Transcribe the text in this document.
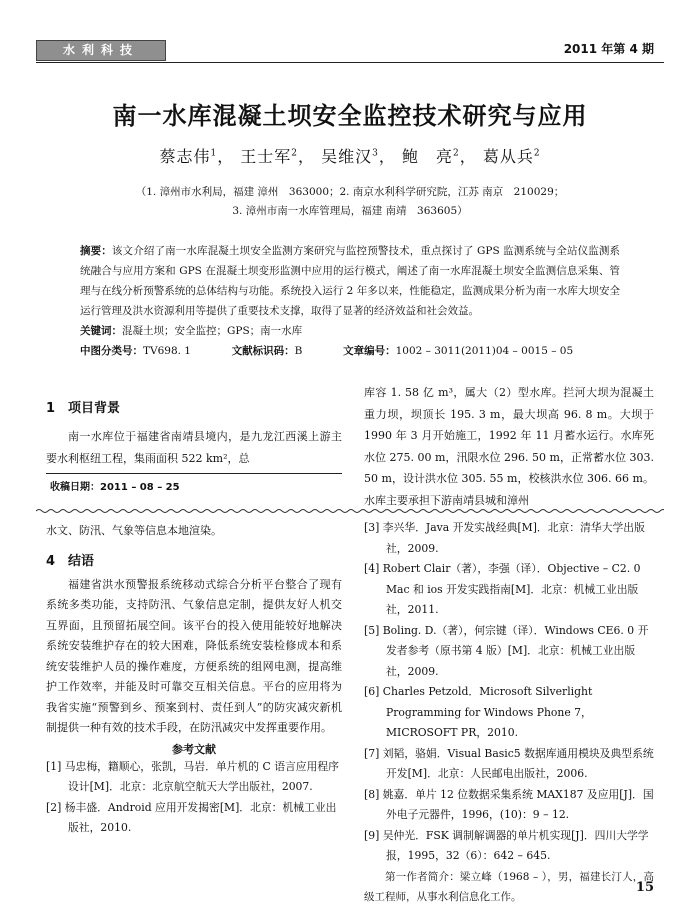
水利科技	2011 年第 4 期
南一水库混凝土坝安全监控技术研究与应用
蔡志伟$^1$， 王士军$^2$， 吴维汉$^3$， 鲍　亮$^2$， 葛从兵$^2$
（1. 漳州市水利局，福建 漳州　363000；2. 南京水利科学研究院，江苏 南京　210029；
3. 漳州市南一水库管理局，福建 南靖　363605）
摘要：该文介绍了南一水库混凝土坝安全监测方案研究与监控预警技术，重点探讨了 GPS 监测系统与全站仪监测系统融合与应用方案和 GPS 在混凝土坝变形监测中应用的运行模式，阐述了南一水库混凝土坝安全监测信息采集、管理与在线分析预警系统的总体结构与功能。系统投入运行 2 年多以来，性能稳定，监测成果分析为南一水库大坝安全运行管理及洪水资源利用等提供了重要技术支撑，取得了显著的经济效益和社会效益。
关键词：混凝土坝；安全监控；GPS；南一水库
中图分类号：TV698. 1	文献标识码：B	文章编号：1002 – 3011(2011)04 – 0015 – 05
1　项目背景
南一水库位于福建省南靖县境内，是九龙江西溪上游主要水利枢纽工程，集雨面积 522 km²，总
收稿日期：2011 – 08 – 25
库容 1. 58 亿 m³，属大（2）型水库。拦河大坝为混凝土重力坝，坝顶长 195. 3 m，最大坝高 96. 8 m。大坝于 1990 年 3 月开始施工，1992 年 11 月蓄水运行。水库死水位 275. 00 m，汛限水位 296. 50 m，正常蓄水位 303. 50 m，设计洪水位 305. 55 m，校核洪水位 306. 66 m。水库主要承担下游南靖县城和漳州
水文、防汛、气象等信息本地渲染。
4　结语
福建省洪水预警报系统移动式综合分析平台整合了现有系统多类功能，支持防汛、气象信息定制，提供友好人机交互界面，且预留拓展空间。该平台的投入使用能较好地解决系统安装维护存在的较大困难，降低系统安装检修成本和系统安装维护人员的操作难度，方便系统的组网电测，提高维护工作效率，并能及时可靠交互相关信息。平台的应用将为我省实施“预警到乡、预案到村、责任到人”的防灾减灾新机制提供一种有效的技术手段，在防汛减灾中发挥重要作用。
参考文献
[1] 马忠梅，籍顺心，张凯，马岩．单片机的 C 语言应用程序设计[M]．北京：北京航空航天大学出版社，2007.
[2] 杨丰盛．Android 应用开发揭密[M]．北京：机械工业出版社，2010.
[3] 李兴华．Java 开发实战经典[M]．北京：清华大学出版社，2009.
[4] Robert Clair（著），李强（译）．Objective – C2. 0 Mac 和 ios 开发实践指南[M]．北京：机械工业出版社，2011.
[5] Boling. D.（著），何宗键（译）．Windows CE6. 0 开发者参考（原书第 4 版）[M]．北京：机械工业出版社，2009.
[6] Charles Petzold．Microsoft Silverlight Programming for Windows Phone 7，MICROSOFT PR，2010.
[7] 刘韬，骆娟．Visual Basic5 数据库通用模块及典型系统开发[M]．北京：人民邮电出版社，2006.
[8] 姚嘉．单片 12 位数据采集系统 MAX187 及应用[J]．国外电子元器件，1996，(10)：9 – 12.
[9] 吴仲光．FSK 调制解调器的单片机实现[J]．四川大学学报，1995，32（6）：642 – 645.
第一作者简介：梁立峰（1968 – ），男，福建长汀人，高级工程师，从事水利信息化工作。
15
